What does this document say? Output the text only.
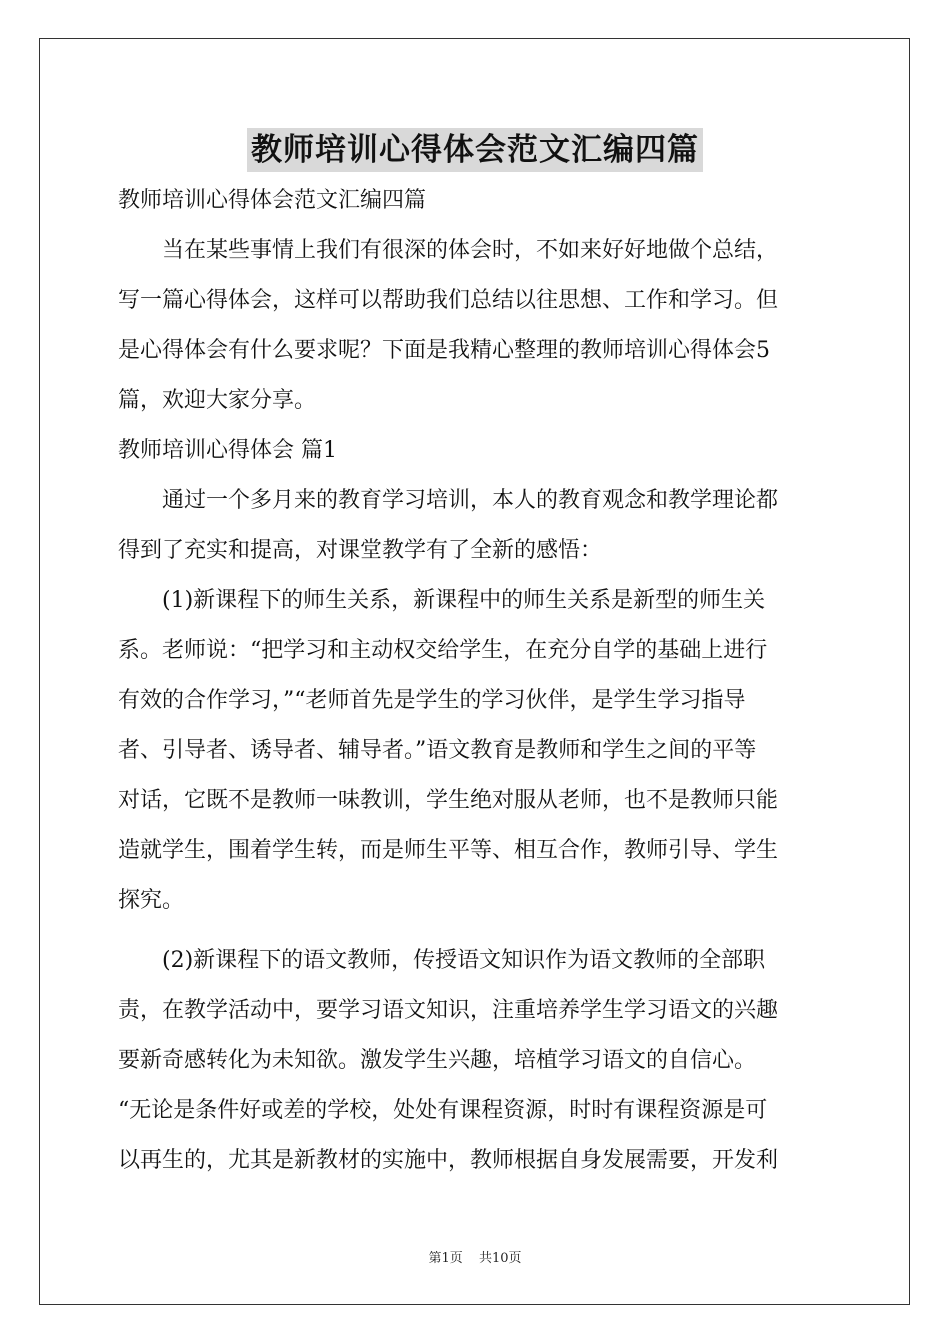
教师培训心得体会范文汇编四篇
教师培训心得体会范文汇编四篇
当在某些事情上我们有很深的体会时，不如来好好地做个总结，
写一篇心得体会，这样可以帮助我们总结以往思想、工作和学习。但
是心得体会有什么要求呢？下面是我精心整理的教师培训心得体会5
篇，欢迎大家分享。
教师培训心得体会 篇1
通过一个多月来的教育学习培训，本人的教育观念和教学理论都
得到了充实和提高，对课堂教学有了全新的感悟：
(1)新课程下的师生关系，新课程中的师生关系是新型的师生关
系。老师说：“把学习和主动权交给学生，在充分自学的基础上进行
有效的合作学习，”“老师首先是学生的学习伙伴，是学生学习指导
者、引导者、诱导者、辅导者。”语文教育是教师和学生之间的平等
对话，它既不是教师一味教训，学生绝对服从老师，也不是教师只能
造就学生，围着学生转，而是师生平等、相互合作，教师引导、学生
探究。
(2)新课程下的语文教师，传授语文知识作为语文教师的全部职
责，在教学活动中，要学习语文知识，注重培养学生学习语文的兴趣
要新奇感转化为未知欲。激发学生兴趣，培植学习语文的自信心。
“无论是条件好或差的学校，处处有课程资源，时时有课程资源是可
以再生的，尤其是新教材的实施中，教师根据自身发展需要，开发利
第1页 共10页
